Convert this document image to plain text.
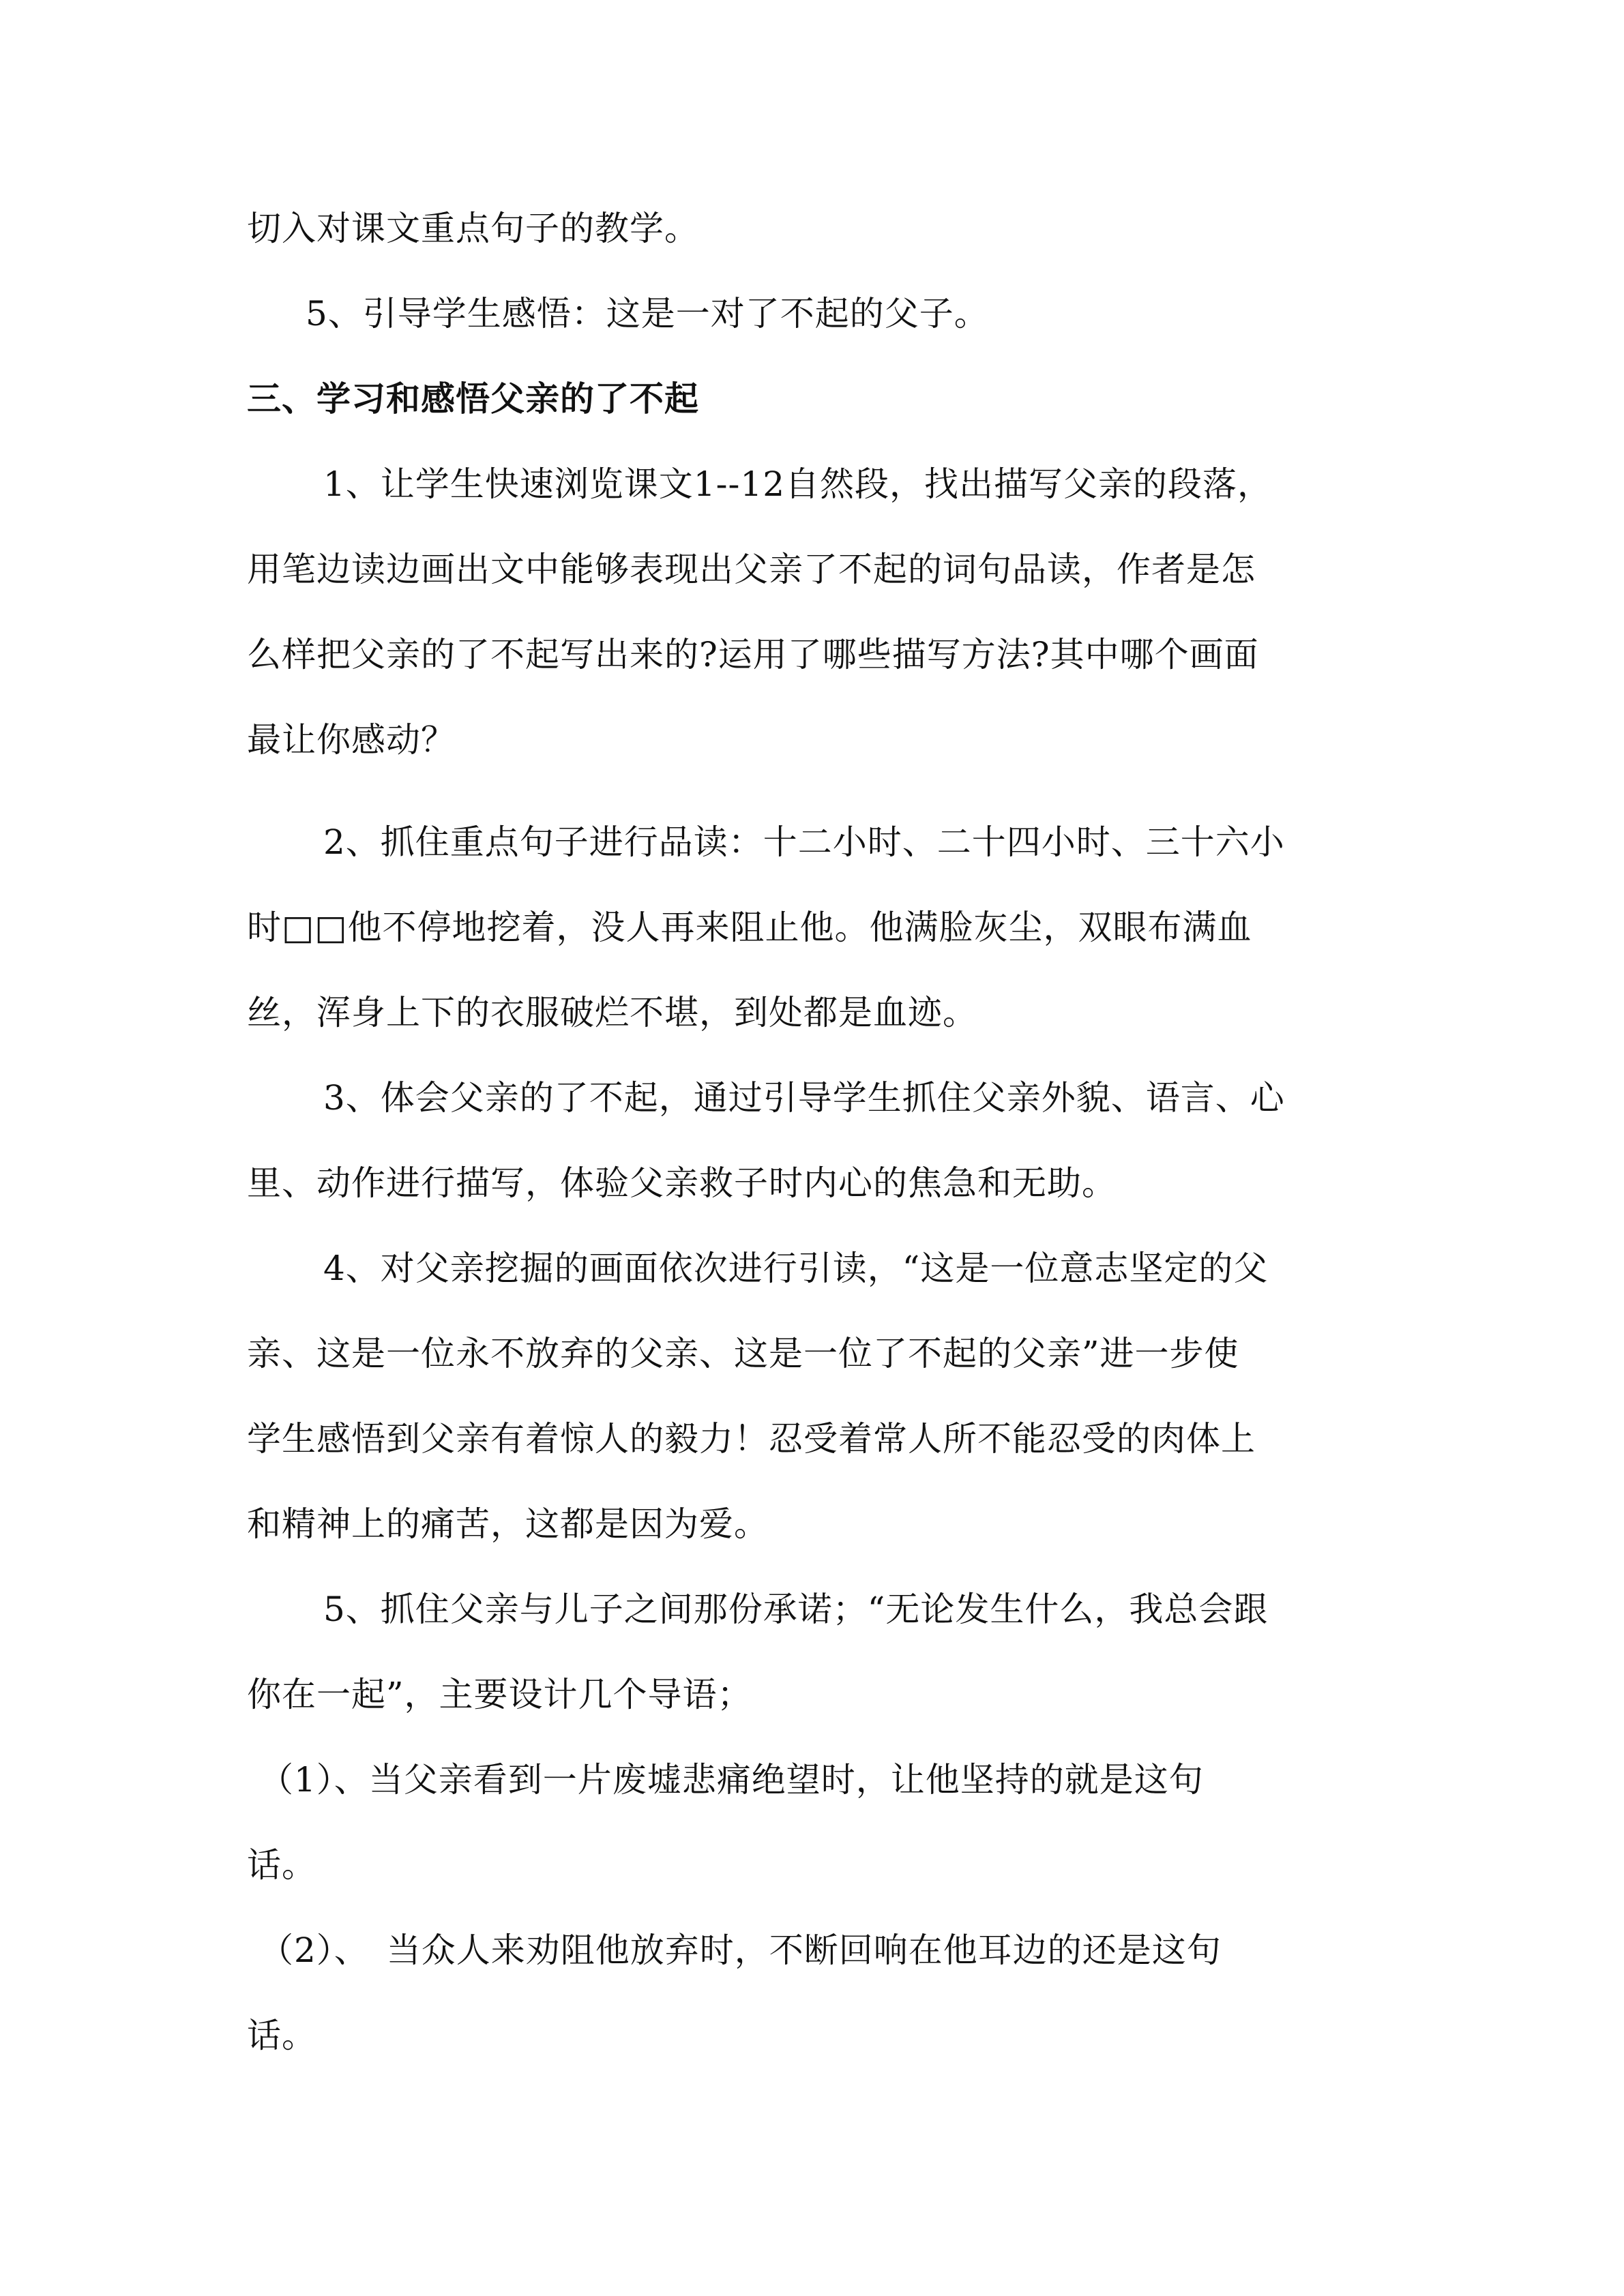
切入对课文重点句子的教学。
5、引导学生感悟：这是一对了不起的父子。
三、学习和感悟父亲的了不起
1、让学生快速浏览课文1--12自然段，找出描写父亲的段落，
用笔边读边画出文中能够表现出父亲了不起的词句品读，作者是怎
么样把父亲的了不起写出来的?运用了哪些描写方法?其中哪个画面
最让你感动？
2、抓住重点句子进行品读：十二小时、二十四小时、三十六小
时□□他不停地挖着，没人再来阻止他。他满脸灰尘，双眼布满血
丝，浑身上下的衣服破烂不堪，到处都是血迹。
3、体会父亲的了不起，通过引导学生抓住父亲外貌、语言、心
里、动作进行描写，体验父亲救子时内心的焦急和无助。
4、对父亲挖掘的画面依次进行引读，“这是一位意志坚定的父
亲、这是一位永不放弃的父亲、这是一位了不起的父亲”进一步使
学生感悟到父亲有着惊人的毅力！忍受着常人所不能忍受的肉体上
和精神上的痛苦，这都是因为爱。
5、抓住父亲与儿子之间那份承诺；“无论发生什么，我总会跟
你在一起”，主要设计几个导语；
（1）、当父亲看到一片废墟悲痛绝望时，让他坚持的就是这句
话。
（2）、　当众人来劝阻他放弃时，不断回响在他耳边的还是这句
话。
